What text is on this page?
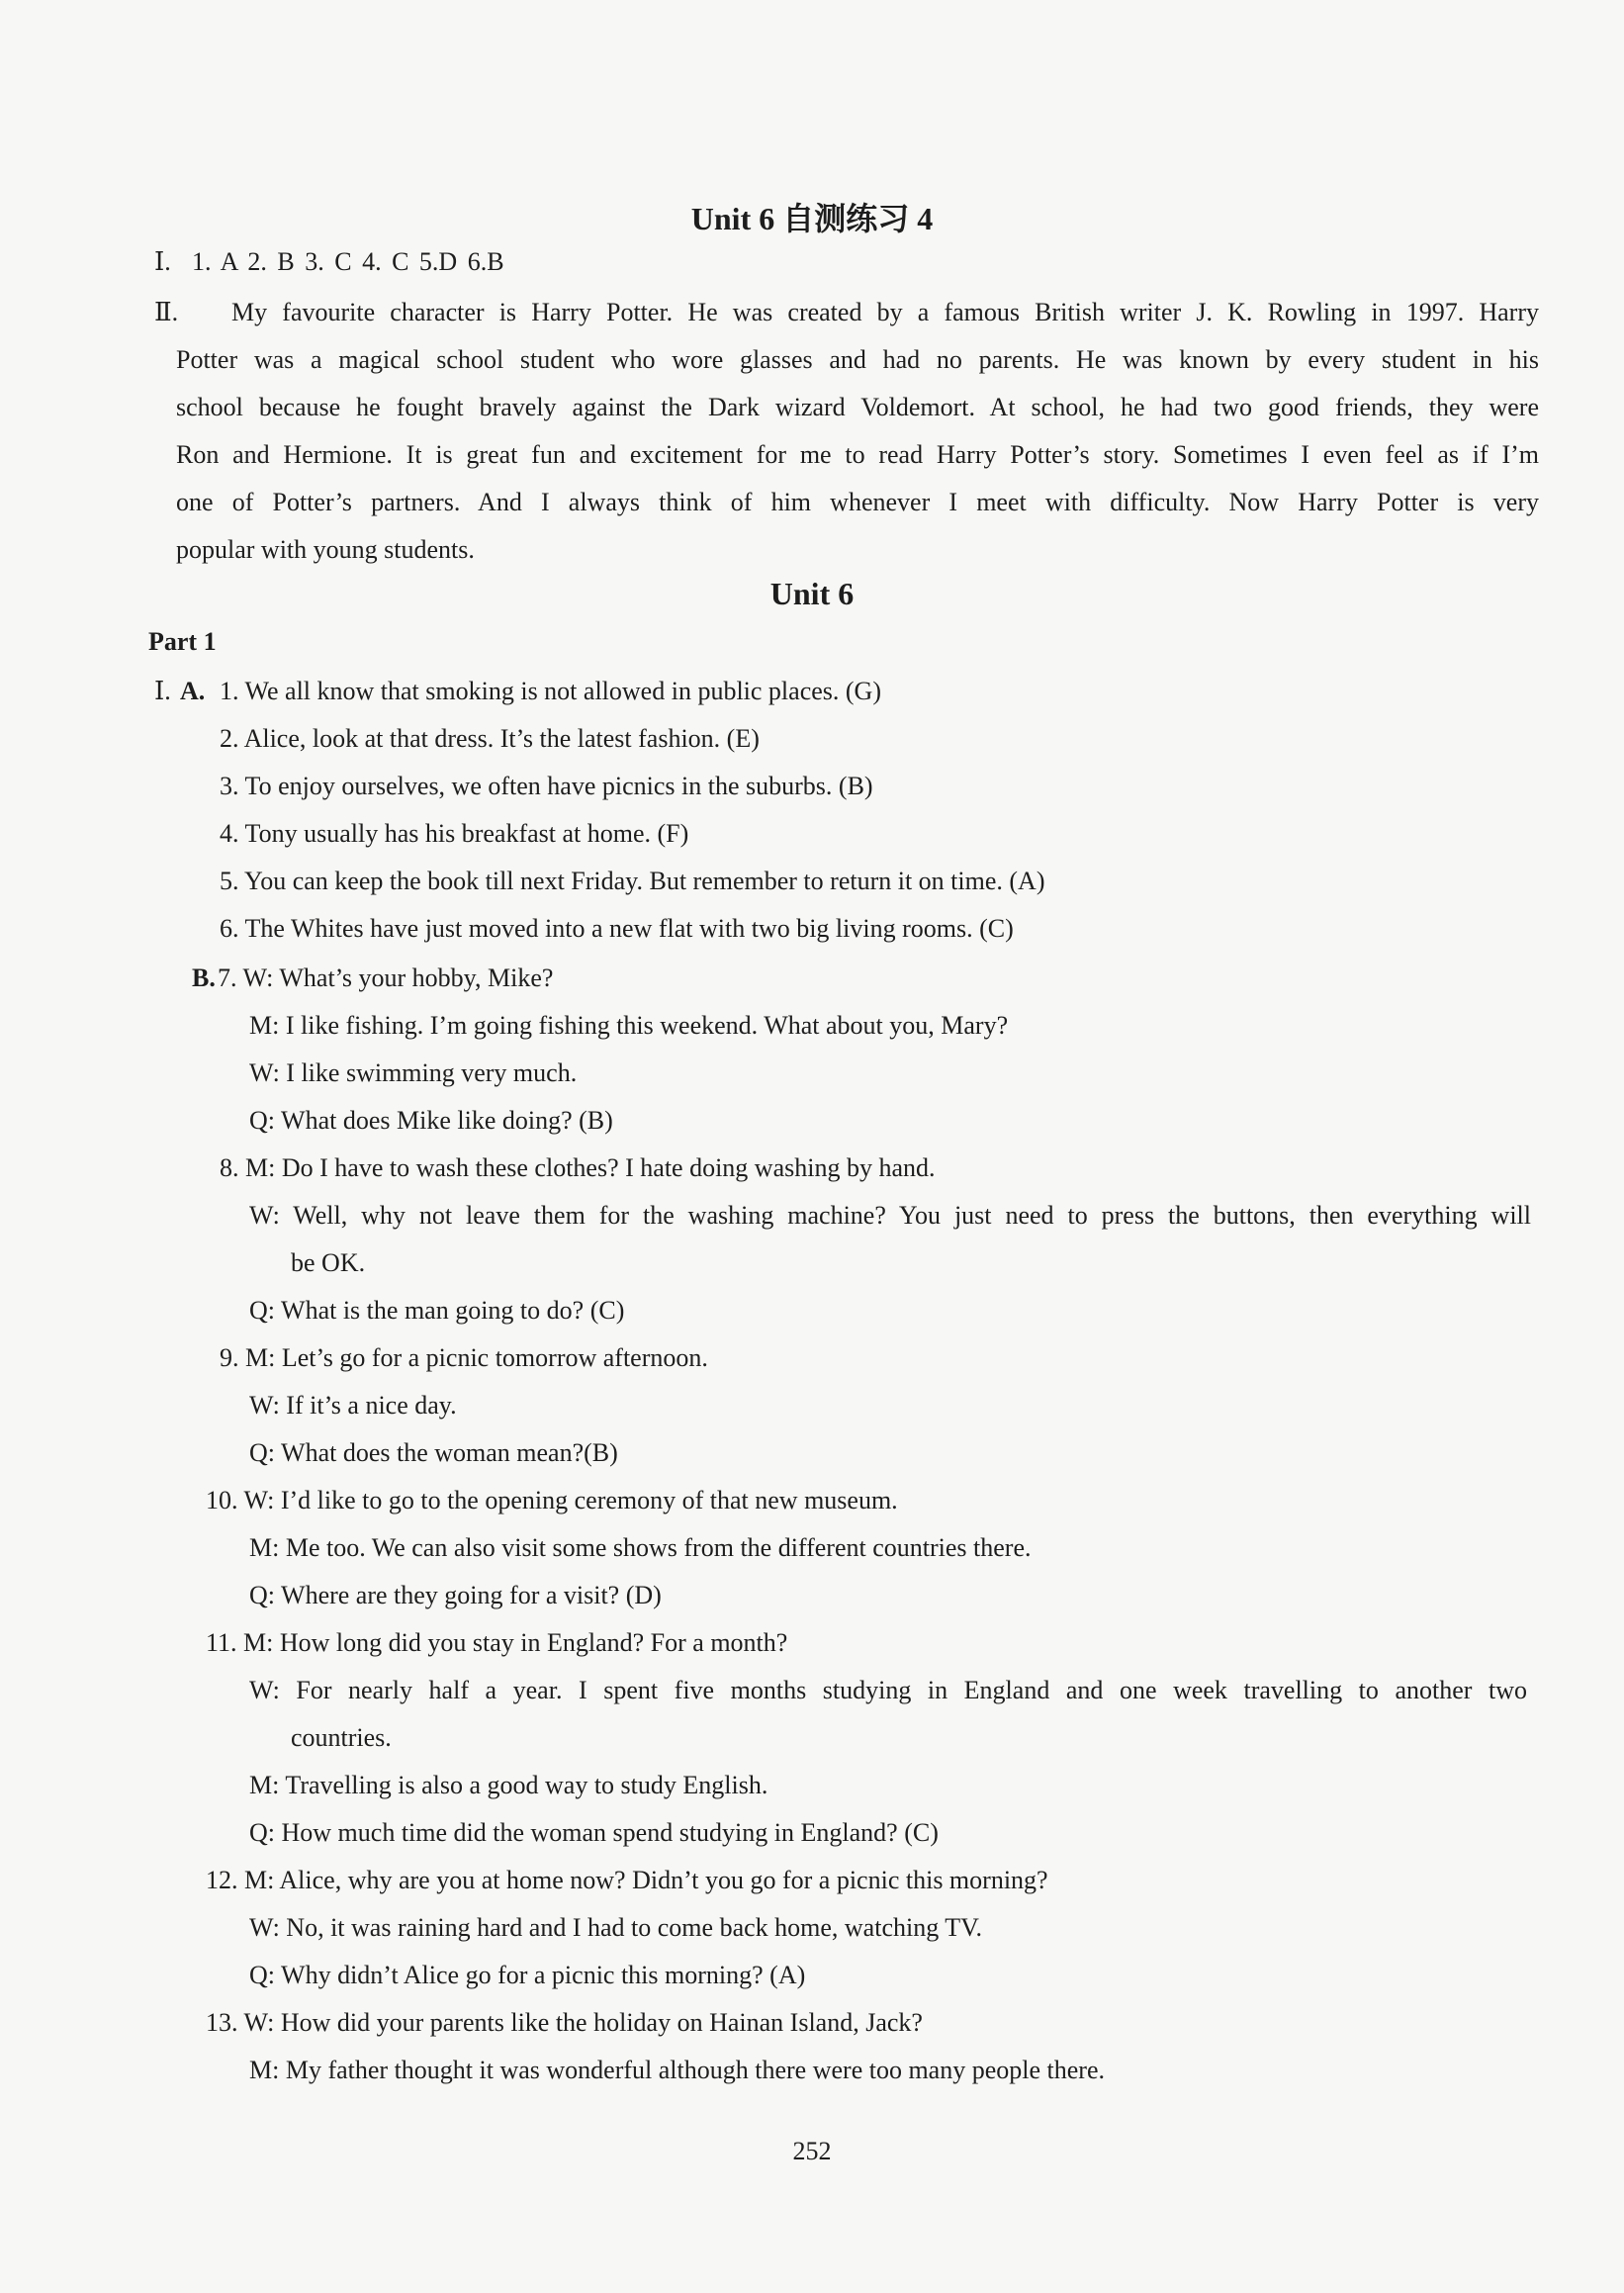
Unit 6 自测练习 4
Ⅰ. 1. A 2. B 3. C 4. C 5.D 6.B
Ⅱ. My favourite character is Harry Potter. He was created by a famous British writer J. K. Rowling in 1997. Harry
Potter was a magical school student who wore glasses and had no parents. He was known by every student in his
school because he fought bravely against the Dark wizard Voldemort. At school, he had two good friends, they were
Ron and Hermione. It is great fun and excitement for me to read Harry Potter’s story. Sometimes I even feel as if I’m
one of Potter’s partners. And I always think of him whenever I meet with difficulty. Now Harry Potter is very
popular with young students.
Unit 6
Part 1
Ⅰ. A. 1. We all know that smoking is not allowed in public places. (G)
2. Alice, look at that dress. It’s the latest fashion. (E)
3. To enjoy ourselves, we often have picnics in the suburbs. (B)
4. Tony usually has his breakfast at home. (F)
5. You can keep the book till next Friday. But remember to return it on time. (A)
6. The Whites have just moved into a new flat with two big living rooms. (C)
B. 7. W: What’s your hobby, Mike?
M: I like fishing. I’m going fishing this weekend. What about you, Mary?
W: I like swimming very much.
Q: What does Mike like doing? (B)
8. M: Do I have to wash these clothes? I hate doing washing by hand.
W: Well, why not leave them for the washing machine? You just need to press the buttons, then everything will
be OK.
Q: What is the man going to do? (C)
9. M: Let’s go for a picnic tomorrow afternoon.
W: If it’s a nice day.
Q: What does the woman mean?(B)
10. W: I’d like to go to the opening ceremony of that new museum.
M: Me too. We can also visit some shows from the different countries there.
Q: Where are they going for a visit? (D)
11. M: How long did you stay in England? For a month?
W: For nearly half a year. I spent five months studying in England and one week travelling to another two
countries.
M: Travelling is also a good way to study English.
Q: How much time did the woman spend studying in England? (C)
12. M: Alice, why are you at home now? Didn’t you go for a picnic this morning?
W: No, it was raining hard and I had to come back home, watching TV.
Q: Why didn’t Alice go for a picnic this morning? (A)
13. W: How did your parents like the holiday on Hainan Island, Jack?
M: My father thought it was wonderful although there were too many people there.
252
